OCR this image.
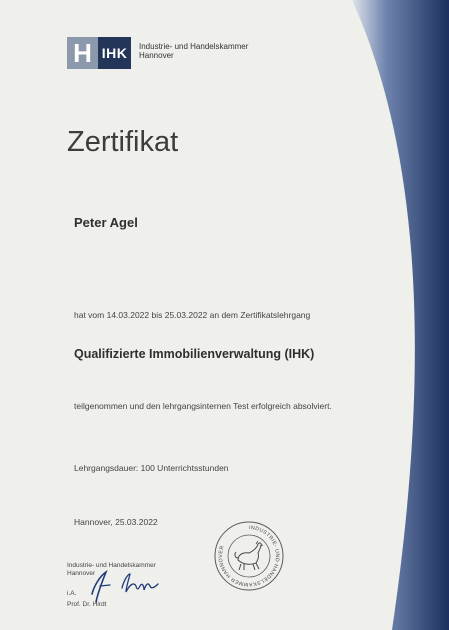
H IHK Industrie- und Handelskammer
Hannover
Zertifikat
Peter Agel
hat vom 14.03.2022 bis 25.03.2022 an dem Zertifikatslehrgang
Qualifizierte Immobilienverwaltung (IHK)
teilgenommen und den lehrgangsinternen Test erfolgreich absolviert.
Lehrgangsdauer: 100 Unterrichtsstunden
Hannover, 25.03.2022
Industrie- und Handelskammer
Hannover
i.A.
Prof. Dr. Hirdt
INDUSTRIE- UND HANDELSKAMMER HANNOVER
